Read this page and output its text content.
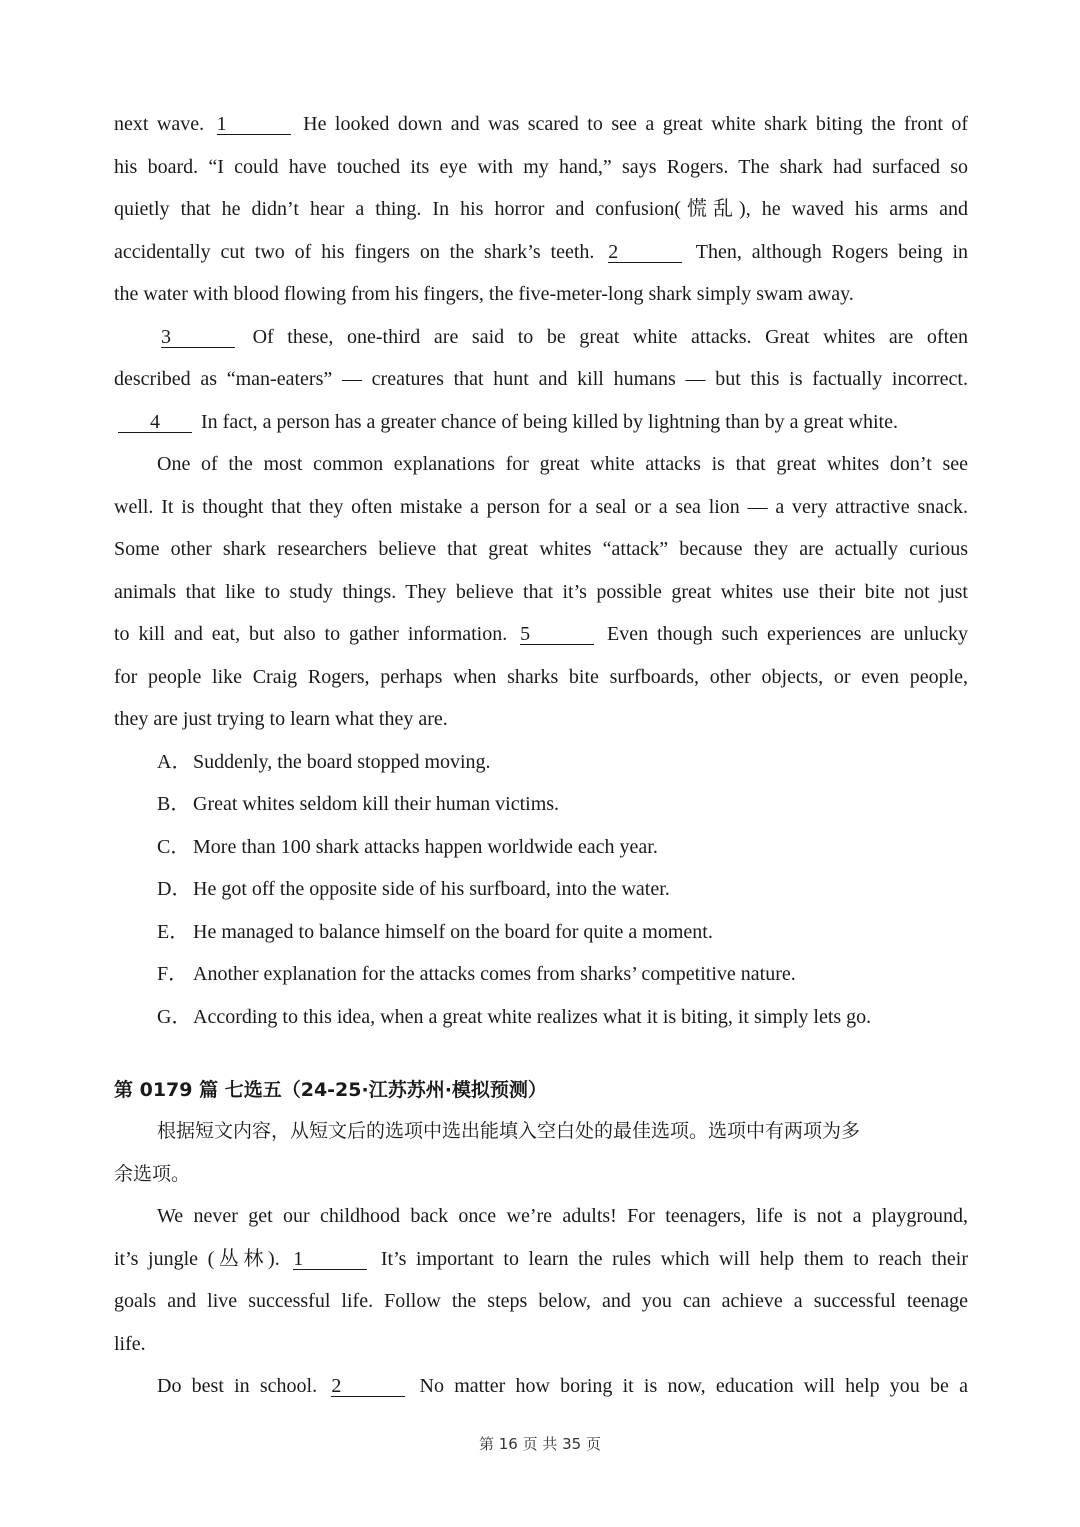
next wave. 1	He looked down and was scared to see a great white shark biting the front of
his board. “I could have touched its eye with my hand,” says Rogers. The shark had surfaced so
quietly that he didn’t hear a thing. In his horror and confusion(慌乱), he waved his arms and
accidentally cut two of his fingers on the shark’s teeth. 2	Then, although Rogers being in
the water with blood flowing from his fingers, the five-meter-long shark simply swam away.
3	Of these, one-third are said to be great white attacks. Great whites are often
described as “man-eaters” — creatures that hunt and kill humans — but this is factually incorrect.
4 In fact, a person has a greater chance of being killed by lightning than by a great white.
One of the most common explanations for great white attacks is that great whites don’t see
well. It is thought that they often mistake a person for a seal or a sea lion — a very attractive snack.
Some other shark researchers believe that great whites “attack” because they are actually curious
animals that like to study things. They believe that it’s possible great whites use their bite not just
to kill and eat, but also to gather information. 5	Even though such experiences are unlucky
for people like Craig Rogers, perhaps when sharks bite surfboards, other objects, or even people,
they are just trying to learn what they are.
A．Suddenly, the board stopped moving.
B． Great whites seldom kill their human victims.
C． More than 100 shark attacks happen worldwide each year.
D．He got off the opposite side of his surfboard, into the water.
E． He managed to balance himself on the board for quite a moment.
F． Another explanation for the attacks comes from sharks’ competitive nature.
G．According to this idea, when a great white realizes what it is biting, it simply lets go.
第 0179 篇 七选五（24-25·江苏苏州·模拟预测）
根据短文内容，从短文后的选项中选出能填入空白处的最佳选项。选项中有两项为多
余选项。
We never get our childhood back once we’re adults! For teenagers, life is not a playground,
it’s jungle (丛林). 1	It’s important to learn the rules which will help them to reach their
goals and live successful life. Follow the steps below, and you can achieve a successful teenage
life.
Do best in school. 2	No matter how boring it is now, education will help you be a
第 16 页 共 35 页
